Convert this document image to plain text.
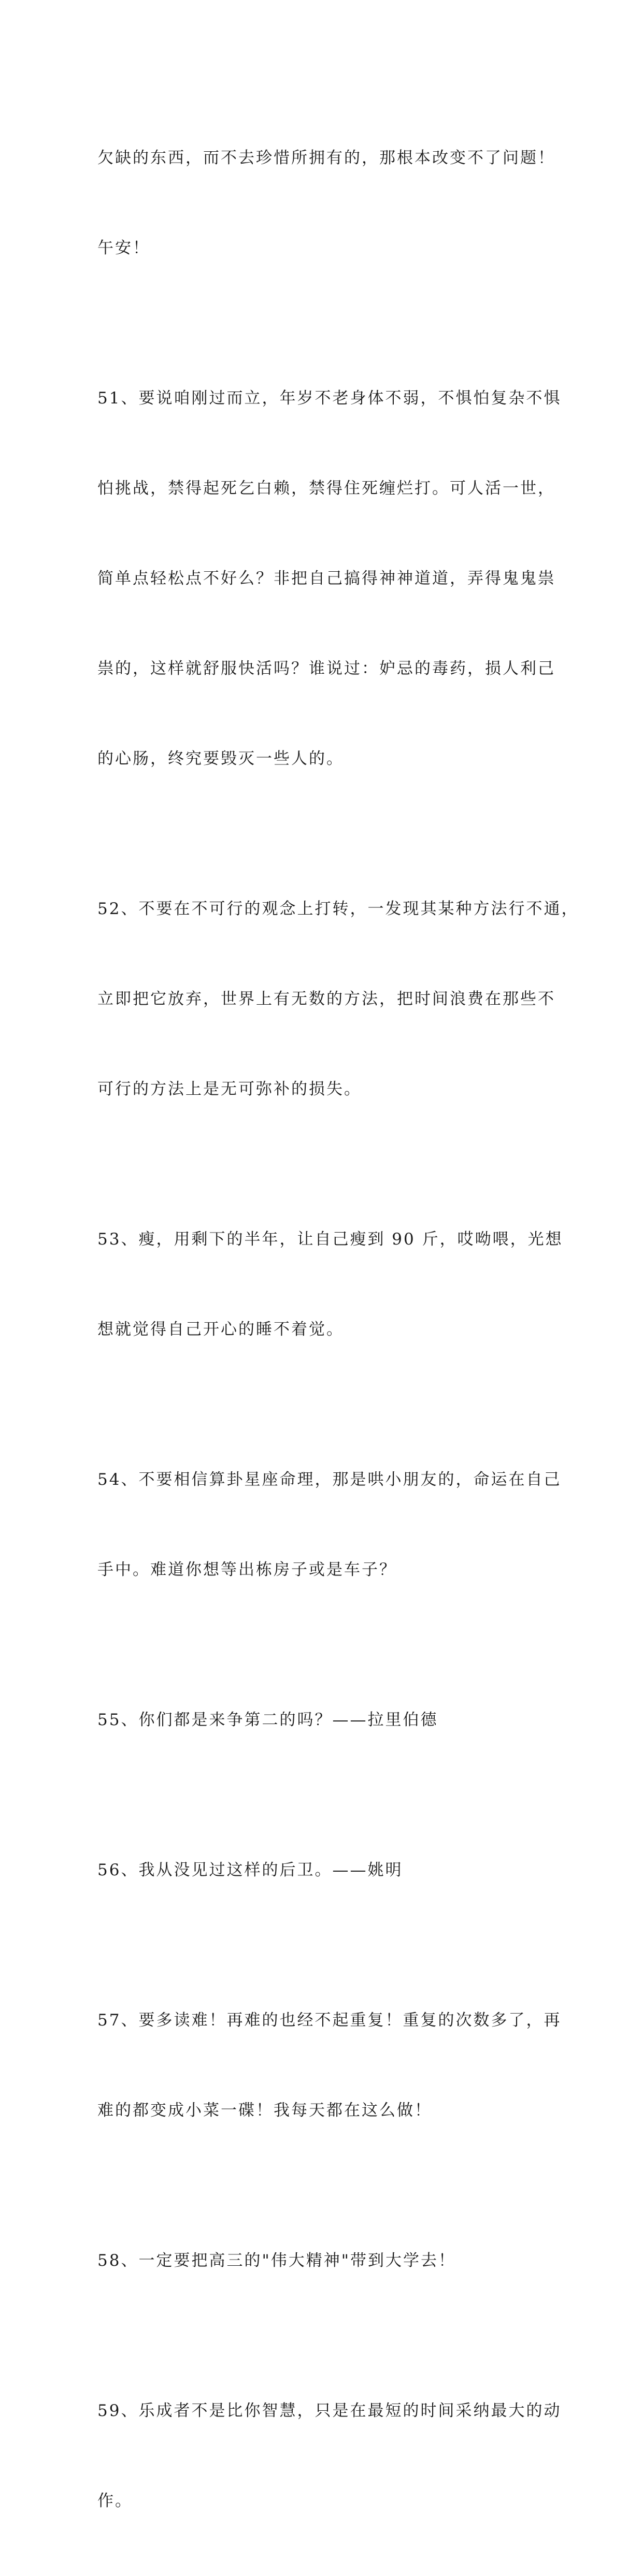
欠缺的东西，而不去珍惜所拥有的，那根本改变不了问题！

午安！

51、要说咱刚过而立，年岁不老身体不弱，不惧怕复杂不惧

怕挑战，禁得起死乞白赖，禁得住死缠烂打。可人活一世，

简单点轻松点不好么？非把自己搞得神神道道，弄得鬼鬼祟

祟的，这样就舒服快活吗？谁说过：妒忌的毒药，损人利己

的心肠，终究要毁灭一些人的。

52、不要在不可行的观念上打转，一发现其某种方法行不通，

立即把它放弃，世界上有无数的方法，把时间浪费在那些不

可行的方法上是无可弥补的损失。

53、瘦，用剩下的半年，让自己瘦到 90 斤，哎呦喂，光想

想就觉得自己开心的睡不着觉。

54、不要相信算卦星座命理，那是哄小朋友的，命运在自己

手中。难道你想等出栋房子或是车子？

55、你们都是来争第二的吗？——拉里伯德

56、我从没见过这样的后卫。——姚明

57、要多读难！再难的也经不起重复！重复的次数多了，再

难的都变成小菜一碟！我每天都在这么做！

58、一定要把高三的"伟大精神"带到大学去！

59、乐成者不是比你智慧，只是在最短的时间采纳最大的动

作。
